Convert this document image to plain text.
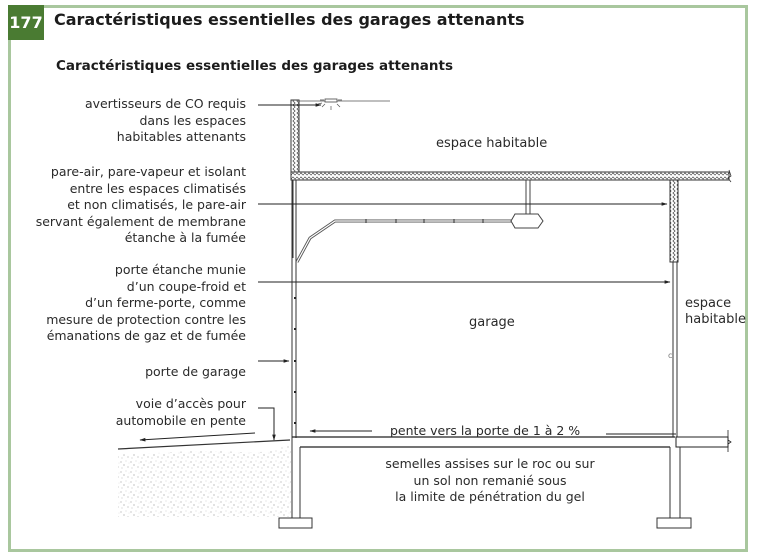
177 Caractéristiques essentielles des garages attenants
Caractéristiques essentielles des garages attenants
c
avertisseurs de CO requis
dans les espaces
habitables attenants
pare-air, pare-vapeur et isolant
entre les espaces climatisés
et non climatisés, le pare-air
servant également de membrane
étanche à la fumée
porte étanche munie
d’un coupe-froid et
d’un ferme-porte, comme
mesure de protection contre les
émanations de gaz et de fumée
porte de garage
voie d’accès pour
automobile en pente
pente vers la porte de 1 à 2 %
semelles assises sur le roc ou sur
un sol non remanié sous
la limite de pénétration du gel
espace habitable
garage
espace
habitable
